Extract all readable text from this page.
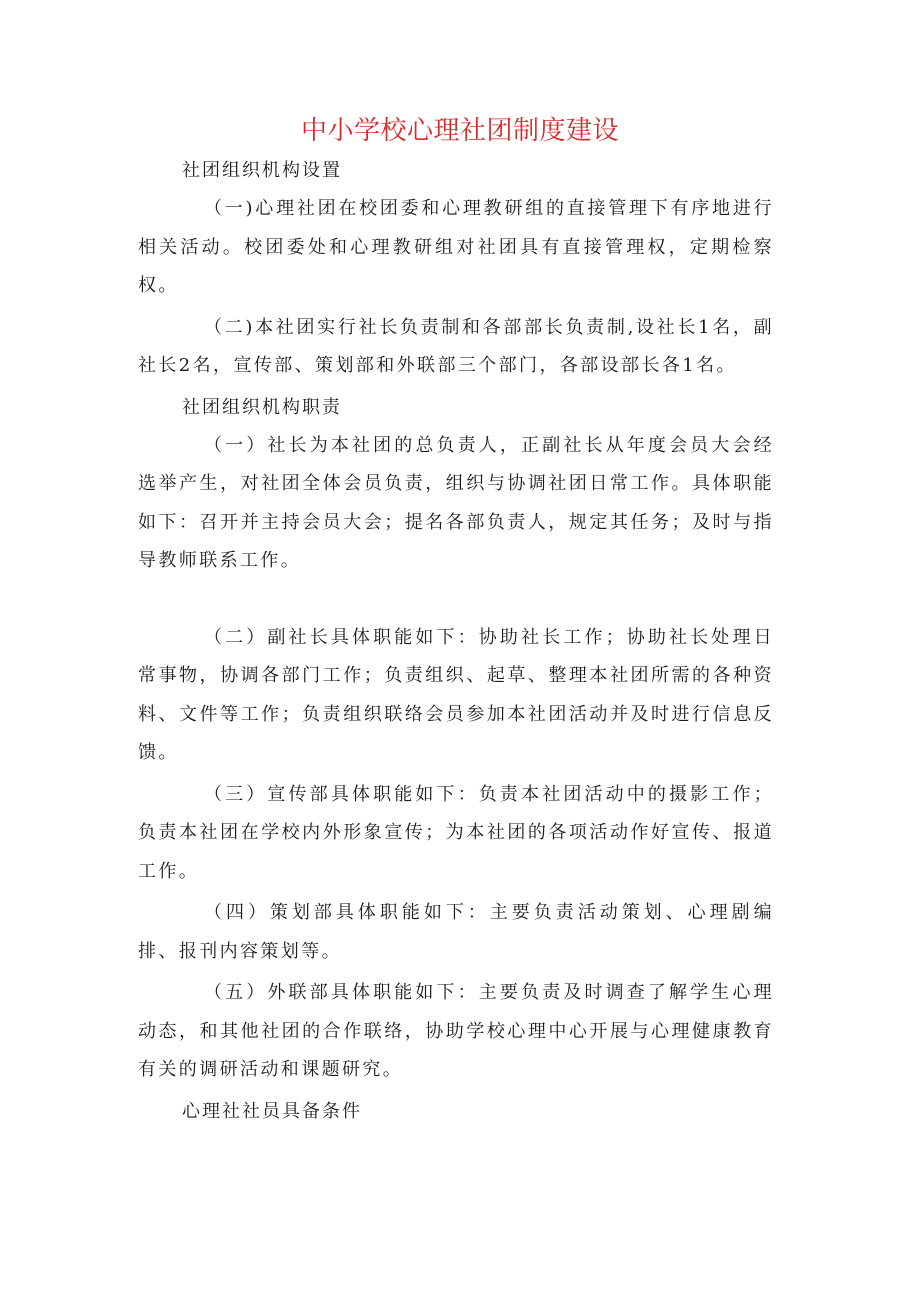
中小学校心理社团制度建设
社团组织机构设置

（一)心理社团在校团委和心理教研组的直接管理下有序地进行相关活动。校团委处和心理教研组对社团具有直接管理权，定期检察权。

（二)本社团实行社长负责制和各部部长负责制,设社长1名，副社长2名，宣传部、策划部和外联部三个部门，各部设部长各1名。

社团组织机构职责

（一）社长为本社团的总负责人，正副社长从年度会员大会经选举产生，对社团全体会员负责，组织与协调社团日常工作。具体职能如下：召开并主持会员大会；提名各部负责人，规定其任务；及时与指导教师联系工作。

（二）副社长具体职能如下：协助社长工作；协助社长处理日常事物，协调各部门工作；负责组织、起草、整理本社团所需的各种资料、文件等工作；负责组织联络会员参加本社团活动并及时进行信息反馈。

（三）宣传部具体职能如下：负责本社团活动中的摄影工作；负责本社团在学校内外形象宣传；为本社团的各项活动作好宣传、报道工作。

（四）策划部具体职能如下：主要负责活动策划、心理剧编排、报刊内容策划等。

（五）外联部具体职能如下：主要负责及时调查了解学生心理动态，和其他社团的合作联络，协助学校心理中心开展与心理健康教育有关的调研活动和课题研究。

心理社社员具备条件
